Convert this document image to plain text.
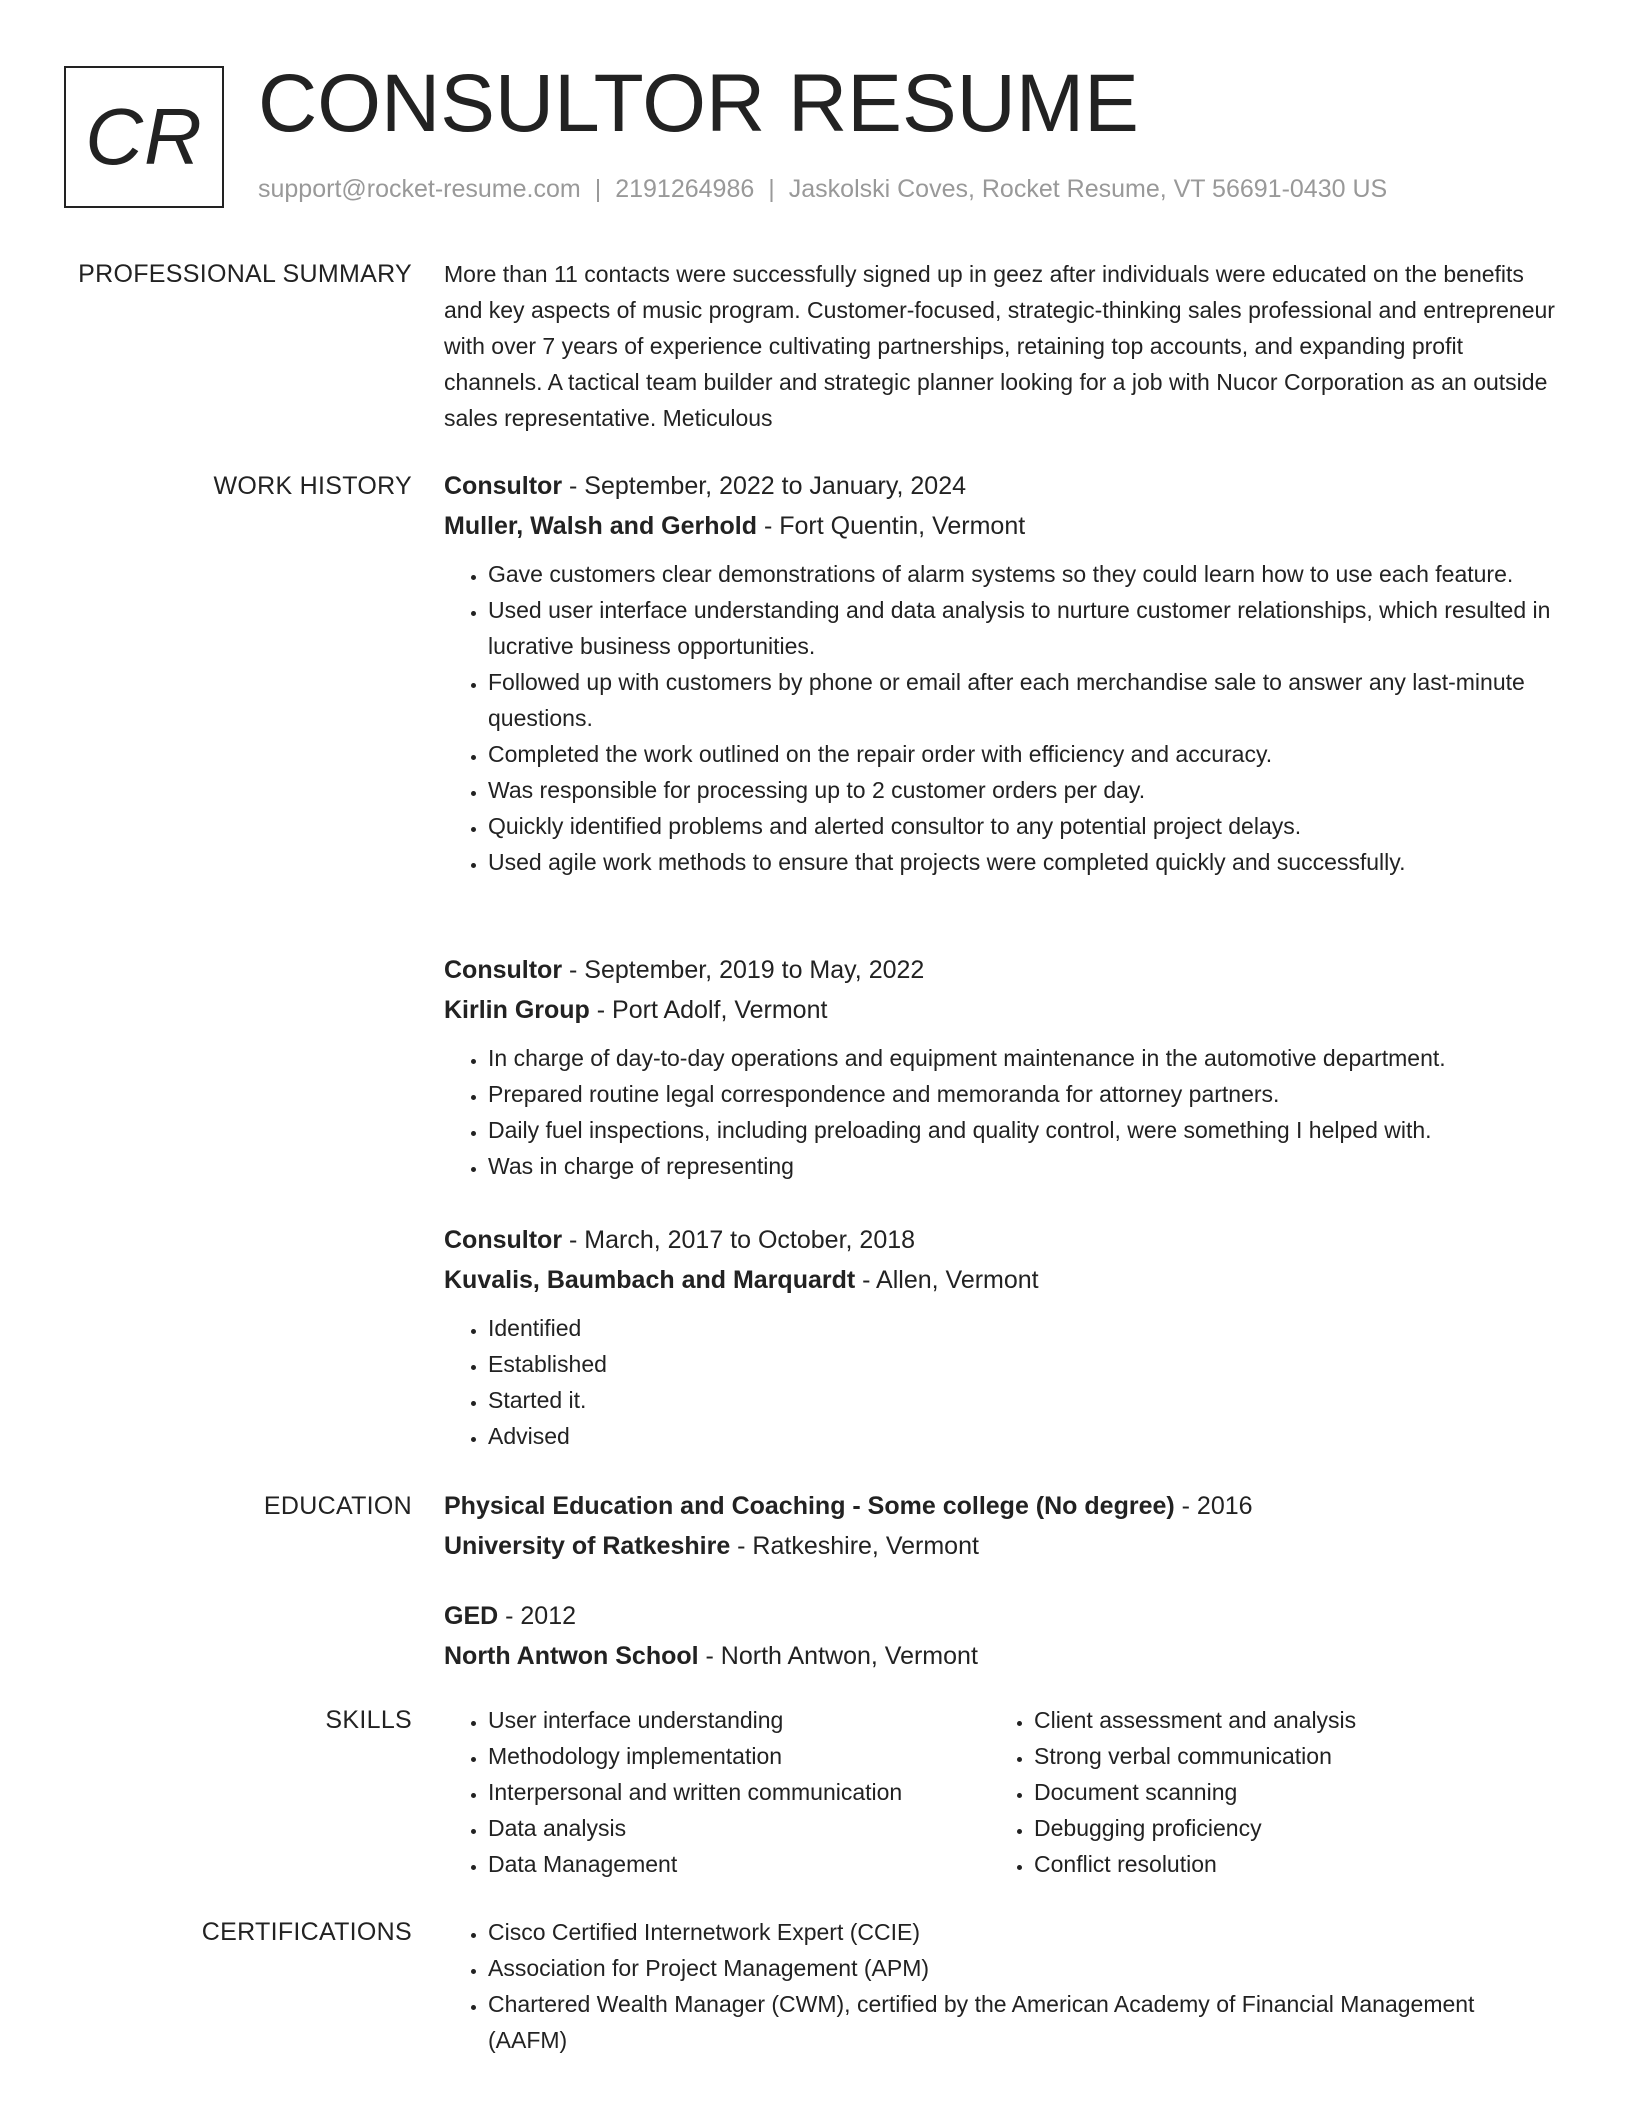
CR CONSULTOR RESUME
support@rocket-resume.com | 2191264986 | Jaskolski Coves, Rocket Resume, VT 56691-0430 US
PROFESSIONAL SUMMARY More than 11 contacts were successfully signed up in geez after individuals were educated on the benefits and key aspects of music program. Customer-focused, strategic-thinking sales professional and entrepreneur with over 7 years of experience cultivating partnerships, retaining top accounts, and expanding profit channels. A tactical team builder and strategic planner looking for a job with Nucor Corporation as an outside sales representative. Meticulous

WORK HISTORY Consultor - September, 2022 to January, 2024
Muller, Walsh and Gerhold - Fort Quentin, Vermont
• Gave customers clear demonstrations of alarm systems so they could learn how to use each feature.
• Used user interface understanding and data analysis to nurture customer relationships, which resulted in lucrative business opportunities.
• Followed up with customers by phone or email after each merchandise sale to answer any last-minute questions.
• Completed the work outlined on the repair order with efficiency and accuracy.
• Was responsible for processing up to 2 customer orders per day.
• Quickly identified problems and alerted consultor to any potential project delays.
• Used agile work methods to ensure that projects were completed quickly and successfully.
Consultor - September, 2019 to May, 2022
Kirlin Group - Port Adolf, Vermont
• In charge of day-to-day operations and equipment maintenance in the automotive department.
• Prepared routine legal correspondence and memoranda for attorney partners.
• Daily fuel inspections, including preloading and quality control, were something I helped with.
• Was in charge of representing
Consultor - March, 2017 to October, 2018
Kuvalis, Baumbach and Marquardt - Allen, Vermont
• Identified
• Established
• Started it.
• Advised
EDUCATION Physical Education and Coaching - Some college (No degree) - 2016
University of Ratkeshire - Ratkeshire, Vermont
GED - 2012
North Antwon School - North Antwon, Vermont
SKILLS	• User interface understanding
• Methodology implementation
• Interpersonal and written communication
• Data analysis
• Data Management
• Client assessment and analysis
• Strong verbal communication
• Document scanning
• Debugging proficiency
• Conflict resolution
CERTIFICATIONS	• Cisco Certified Internetwork Expert (CCIE)
• Association for Project Management (APM)
• Chartered Wealth Manager (CWM), certified by the American Academy of Financial Management (AAFM)
